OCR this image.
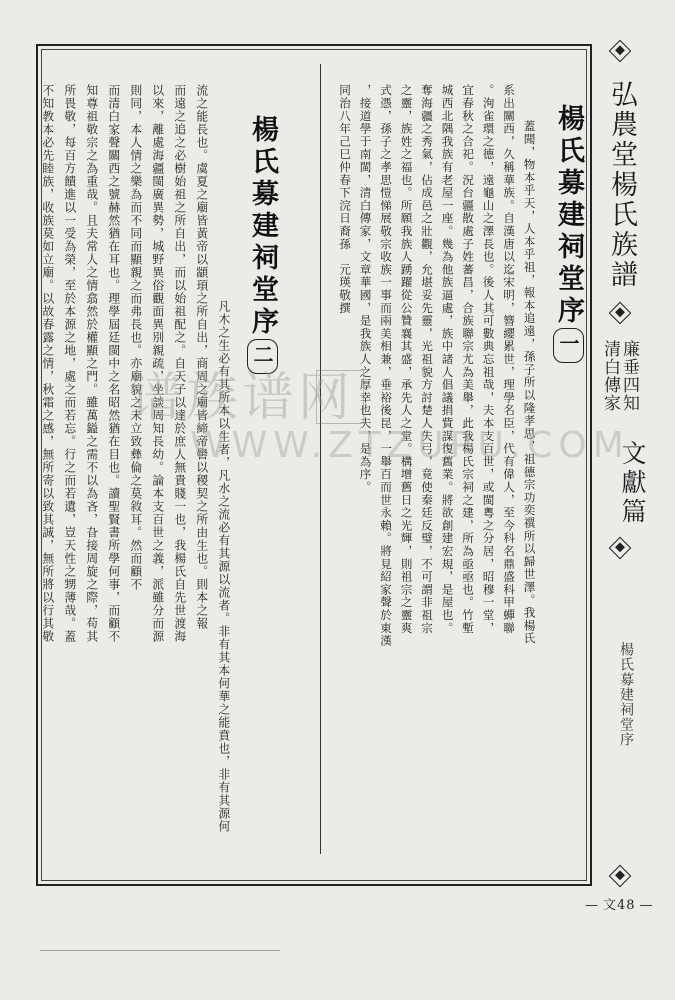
弘農堂楊氏族譜
廉垂四知
清白傳家
文獻篇
楊氏募建祠堂序
— 文48 —
楊氏募建祠堂序一
蓋聞，物本乎天，人本乎祖，報本追遠，孫子所以隆孝思，祖德宗功奕禩所以歸世澤。我楊氏
系出關西，久稱華族。自漢唐以迄宋明，簪纓累世，理學名臣，代有偉人，至今科名鼎盛科甲蟬聯
。洵雀環之德，遠龜山之澤長也。後人其可數典忘祖哉，夫本支百世，或閩粵之分居，昭穆一堂，
宜春秋之合祀。況台疆散處子姓蕃昌，合族聯宗尤為美舉，此我楊氏宗祠之建，所為亟亟也。竹塹
城西北隅我族有老屋一座。幾為他族逼處，族中諸人倡議捐貲謀復舊業。將欲創建宏規，是屋也。
奪海疆之秀氣，佔成邑之壯觀，允堪妥先靈，光祖貌方討楚人失弓，竟使秦廷反璧，不可謂非祖宗
之靈，族姓之福也。所願我族人踴躍從公贊襄其盛，承先人之堂。構增舊日之光輝，則祖宗之靈爽
式憑，孫子之孝思愷悌展敬宗收族一事而兩美相兼，垂裕後昆，一舉百而世永賴。將見紹家聲於東漢
，接道學于南閩，清白傳家，文章華國，是我族人之厚幸也夫，是為序。
同治八年己巳仲春下浣日裔孫　元瑛敬撰
楊氏募建祠堂序二
凡木之生必有其所本以生者，凡水之流必有其源以流者。非有其本何華之能賁也，非有其源何
流之能長也。虞夏之廟皆黃帝以顓頊之所自出，商周之廟皆締帝嚳以稷契之所由生也。則本之報
而遠之追之必樹始祖之所自出，而以始祖配之。自天子以達於庶人無貴賤一也，我楊氏自先世渡海
以來，離處海疆閩廣異勢，城野異俗觀面異別親疏，坐談周知長幼。論本支百世之義，派雖分而源
則同，本人情之樂為而不同而顯親之而弗長也。亦廟貌之未立致彝倫之莫敘耳。然而顧不
而清白家聲關西之號赫然猶在耳也。理學屆廷閩中之名昭然猶在目也。讀聖賢書所學何事，而顧不
知尊祖敬宗之為重哉。且夫常人之情翕然於權顯之門。雖萬鎰之需不以為吝，旮接周旋之際，苟其
所畏敬，每百方饋進以一受為榮，至於本源之地，處之而若忘。行之而若遺，豈天性之甥薄哉。蓋
不知教本必先睦族，收族莫如立廟。以故春露之情，秋霜之感，無所寄以致其誠，無所將以行其敬 谱族谱网
WWW.ZTZUPU.COM
